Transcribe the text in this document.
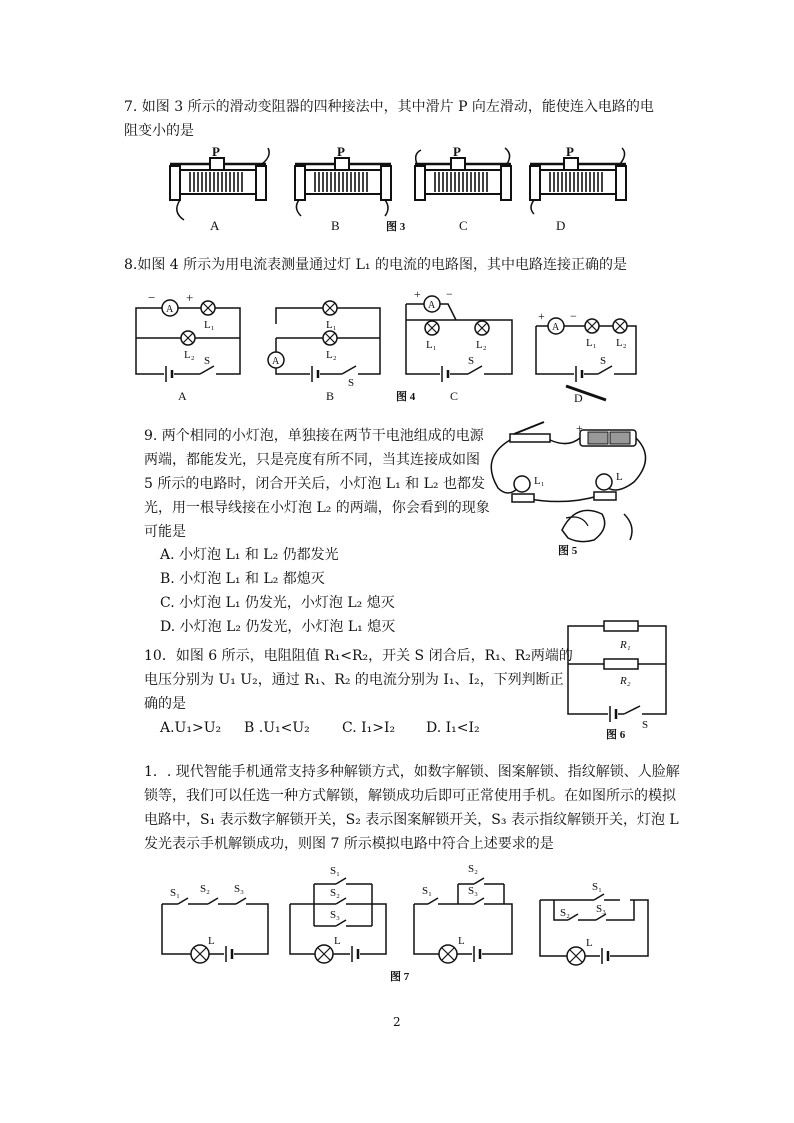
7. 如图 3 所示的滑动变阻器的四种接法中，其中滑片 P 向左滑动，能使连入电路的电
阻变小的是
P
A
P
B
P
C
P
D
图 3
8.如图 4 所示为用电流表测量通过灯 L₁ 的电流的电路图，其中电路连接正确的是
A
− +
L₁
L₂ S
A
L₁
L₂
A
S
B	图 4
A
+ −
L₁	L₂
S
C
A
+ −
L₁ L₂
S
D
9. 两个相同的小灯泡，单独接在两节干电池组成的电源
两端，都能发光，只是亮度有所不同，当其连接成如图
5 所示的电路时，闭合开关后，小灯泡 L₁ 和 L₂ 也都发
光，用一根导线接在小灯泡 L₂ 的两端，你会看到的现象
可能是
A. 小灯泡 L₁ 和 L₂ 仍都发光
B. 小灯泡 L₁ 和 L₂ 都熄灭
C. 小灯泡 L₁ 仍发光，小灯泡 L₂ 熄灭
D. 小灯泡 L₂ 仍发光，小灯泡 L₁ 熄灭
+
L₁	L
图 5
10．如图 6 所示，电阻阻值 R₁<R₂，开关 S 闭合后，R₁、R₂两端的
电压分别为 U₁ U₂，通过 R₁、R₂ 的电流分别为 I₁、I₂，下列判断正
确的是
A.U₁>U₂ B .U₁<U₂ C. I₁>I₂ D. I₁<I₂
R₁
R₂
S
图 6
1．. 现代智能手机通常支持多种解锁方式，如数字解锁、图案解锁、指纹解锁、人脸解
锁等，我们可以任选一种方式解锁，解锁成功后即可正常使用手机。在如图所示的模拟
电路中，S₁ 表示数字解锁开关，S₂ 表示图案解锁开关，S₃ 表示指纹解锁开关，灯泡 L
发光表示手机解锁成功，则图 7 所示模拟电路中符合上述要求的是
S₁ S₂ S₃
L
S₁
S₂
S₃
L
S₁
S₂
S₃
L
S₁
S₂ S₃
L
图 7
2
